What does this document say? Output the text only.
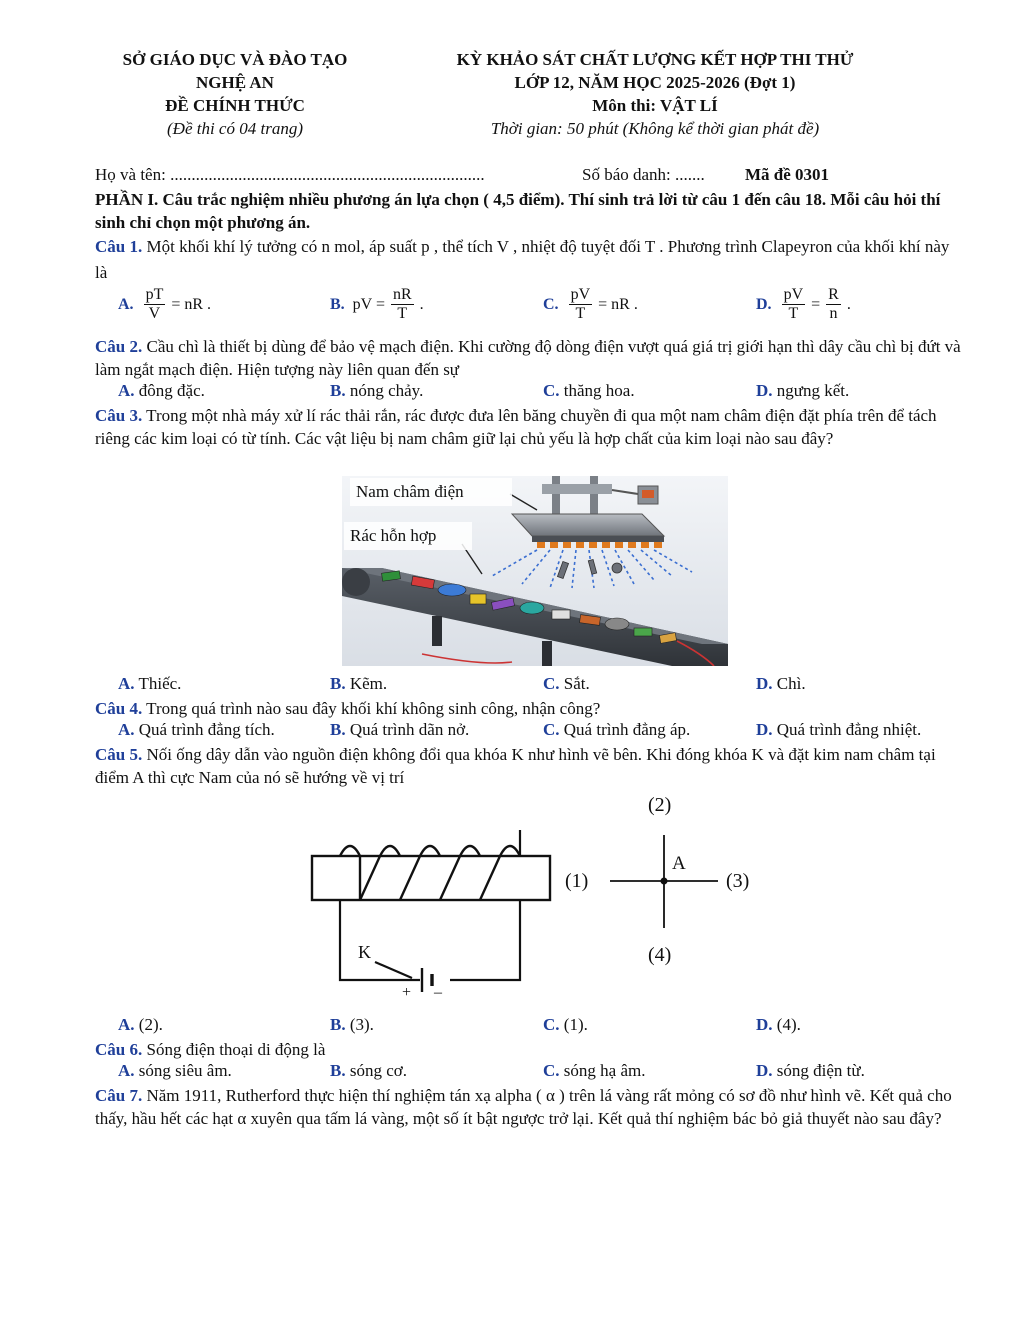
SỞ GIÁO DỤC VÀ ĐÀO TẠO
NGHỆ AN
ĐỀ CHÍNH THỨC
(Đề thi có 04 trang)
KỲ KHẢO SÁT CHẤT LƯỢNG KẾT HỢP THI THỬ
LỚP 12, NĂM HỌC 2025-2026 (Đợt 1)
Môn thi: VẬT LÍ
Thời gian: 50 phút (Không kể thời gian phát đề)
Họ và tên: ..........................................................................	Số báo danh: ....... Mã đề 0301
PHẦN I. Câu trắc nghiệm nhiều phương án lựa chọn ( 4,5 điểm). Thí sinh trả lời từ câu 1 đến câu 18. Mỗi câu hỏi thí sinh chỉ chọn một phương án.
Câu 1. Một khối khí lý tưởng có n mol, áp suất p , thể tích V , nhiệt độ tuyệt đối T . Phương trình Clapeyron của khối khí này là
A. $\frac{pT}{V}$ = nR .	B. pV = $\frac{nR}{T}$ .	C. $\frac{pV}{T}$ = nR .	D. $\frac{pV}{T} = \frac{R}{n}$ .
Câu 2. Cầu chì là thiết bị dùng để bảo vệ mạch điện. Khi cường độ dòng điện vượt quá giá trị giới hạn thì dây cầu chì bị đứt và làm ngắt mạch điện. Hiện tượng này liên quan đến sự
A. đông đặc.	B. nóng chảy.	C. thăng hoa.	D. ngưng kết.
Câu 3. Trong một nhà máy xử lí rác thải rắn, rác được đưa lên băng chuyền đi qua một nam châm điện đặt phía trên để tách riêng các kim loại có từ tính. Các vật liệu bị nam châm giữ lại chủ yếu là hợp chất của kim loại nào sau đây?
Nam châm điện
Rác hỗn hợp
A. Thiếc.	B. Kẽm.	C. Sắt.	D. Chì.
Câu 4. Trong quá trình nào sau đây khối khí không sinh công, nhận công?
A. Quá trình đẳng tích.	B. Quá trình dãn nở.	C. Quá trình đẳng áp.	D. Quá trình đẳng nhiệt.
Câu 5. Nối ống dây dẫn vào nguồn điện không đổi qua khóa K như hình vẽ bên. Khi đóng khóa K và đặt kim nam châm tại điểm A thì cực Nam của nó sẽ hướng về vị trí
K
+ –
(1)
(2)
(3)
(4)
A
A. (2).	B. (3).	C. (1).	D. (4).
Câu 6. Sóng điện thoại di động là
A. sóng siêu âm.	B. sóng cơ.	C. sóng hạ âm.	D. sóng điện từ.
Câu 7. Năm 1911, Rutherford thực hiện thí nghiệm tán xạ alpha ( α ) trên lá vàng rất mỏng có sơ đồ như hình vẽ. Kết quả cho thấy, hầu hết các hạt α xuyên qua tấm lá vàng, một số ít bật ngược trở lại. Kết quả thí nghiệm bác bỏ giả thuyết nào sau đây?
